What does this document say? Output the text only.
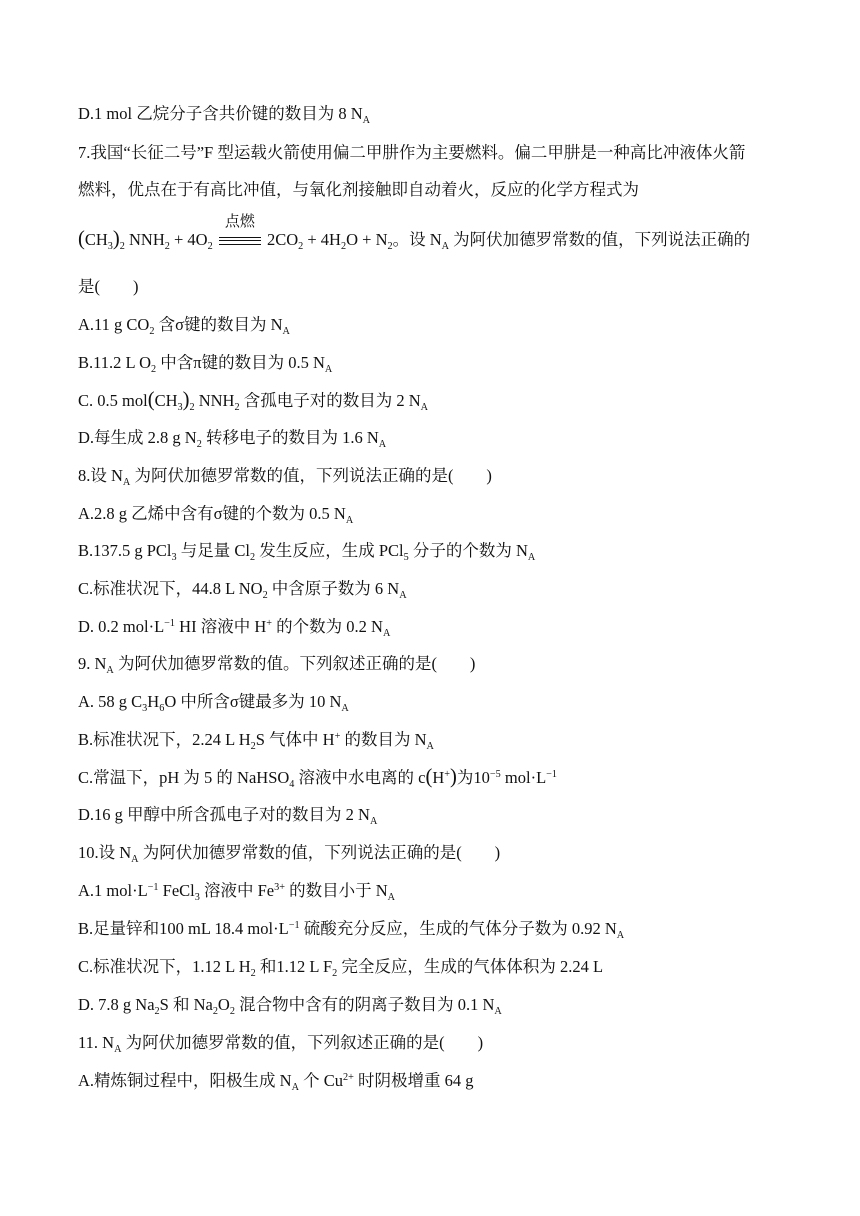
D.1 mol 乙烷分子含共价键的数目为 8 $N_A$
7.我国“长征二号”F 型运载火箭使用偏二甲肼作为主要燃料。偏二甲肼是一种高比冲液体火箭
燃料，优点在于有高比冲值，与氧化剂接触即自动着火，反应的化学方程式为
$(CH_3)_2$ $NNH_2 + 4O_2$
点燃
$2CO_2 + 4H_2O + N_2$。设 $N_A$ 为阿伏加德罗常数的值，下列说法正确的
是(　　)
A.11 g $CO_2$ 含σ键的数目为 $N_A$
B.11.2 L $O_2$ 中含π键的数目为 0.5 $N_A$
C. 0.5 $mol(CH_3)_2$ $NNH_2$ 含孤电子对的数目为 2 $N_A$
D.每生成 2.8 g $N_2$ 转移电子的数目为 1.6 $N_A$
8.设 $N_A$ 为阿伏加德罗常数的值，下列说法正确的是(　　)
A.2.8 g 乙烯中含有σ键的个数为 0.5 $N_A$
B.137.5 g PCl$_3$ 与足量 $Cl_2$ 发生反应，生成 PCl$_5$ 分子的个数为 $N_A$
C.标准状况下，44.8 L $NO_2$ 中含原子数为 6 $N_A$
D. 0.2 $mol\cdot L^{-1}$ HI 溶液中 H+ 的个数为 0.2 $N_A$
9. $N_A$ 为阿伏加德罗常数的值。下列叙述正确的是(　　)
A. 58 g $C_3H_6O$ 中所含σ键最多为 10 $N_A$
B.标准状况下，2.24 L $H_2S$ 气体中 H+ 的数目为 $N_A$
C.常温下，pH 为 5 的 NaHSO$_4$ 溶液中水电离的 c(H+)为$10^{-5}$ $mol\cdot L^{-1}$
D.16 g 甲醇中所含孤电子对的数目为 2 $N_A$
10.设 $N_A$ 为阿伏加德罗常数的值，下列说法正确的是(　　)
A.1 $mol\cdot L^{-1}$ FeCl$_3$ 溶液中 $Fe^{3+}$ 的数目小于 $N_A$
B.足量锌和100 mL 18.4 $mol\cdot L^{-1}$ 硫酸充分反应，生成的气体分子数为 0.92 $N_A$
C.标准状况下，1.12 L $H_2$ 和1.12 L $F_2$ 完全反应，生成的气体体积为 2.24 L
D. 7.8 g $Na_2S$ 和 $Na_2O_2$ 混合物中含有的阴离子数目为 0.1 $N_A$
11. $N_A$ 为阿伏加德罗常数的值，下列叙述正确的是(　　)
A.精炼铜过程中，阳极生成 $N_A$ 个 $Cu^{2+}$ 时阴极增重 64 g
